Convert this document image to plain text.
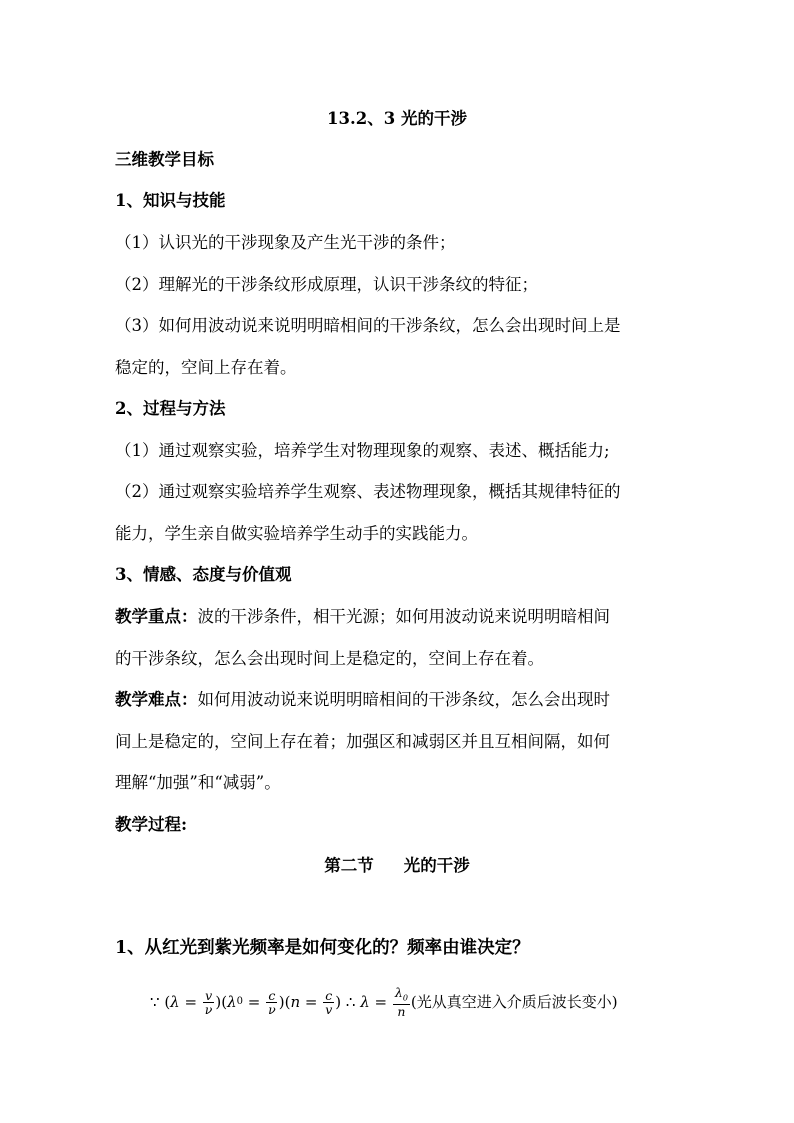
13.2、3 光的干涉
三维教学目标
1、知识与技能
（1）认识光的干涉现象及产生光干涉的条件；
（2）理解光的干涉条纹形成原理，认识干涉条纹的特征；
（3）如何用波动说来说明明暗相间的干涉条纹，怎么会出现时间上是
稳定的，空间上存在着。
2、过程与方法
（1）通过观察实验，培养学生对物理现象的观察、表述、概括能力;
（2）通过观察实验培养学生观察、表述物理现象，概括其规律特征的
能力，学生亲自做实验培养学生动手的实践能力。
3、情感、态度与价值观
教学重点：波的干涉条件，相干光源；如何用波动说来说明明暗相间
的干涉条纹，怎么会出现时间上是稳定的，空间上存在着。
教学难点：如何用波动说来说明明暗相间的干涉条纹，怎么会出现时
间上是稳定的，空间上存在着；加强区和减弱区并且互相间隔，如何
理解“加强”和“减弱”。
教学过程:
第二节 光的干涉
1、从红光到紫光频率是如何变化的？频率由谁决定？
∵ ( $\lambda = \frac{v}{\nu}$ )( λ $0 = \frac{c}{\nu}$ )( $n = \frac{c}{v}$ ) ∴
$\lambda = \frac{\lambda_0}{n}$ (光从真空进入介质后波长变小)
